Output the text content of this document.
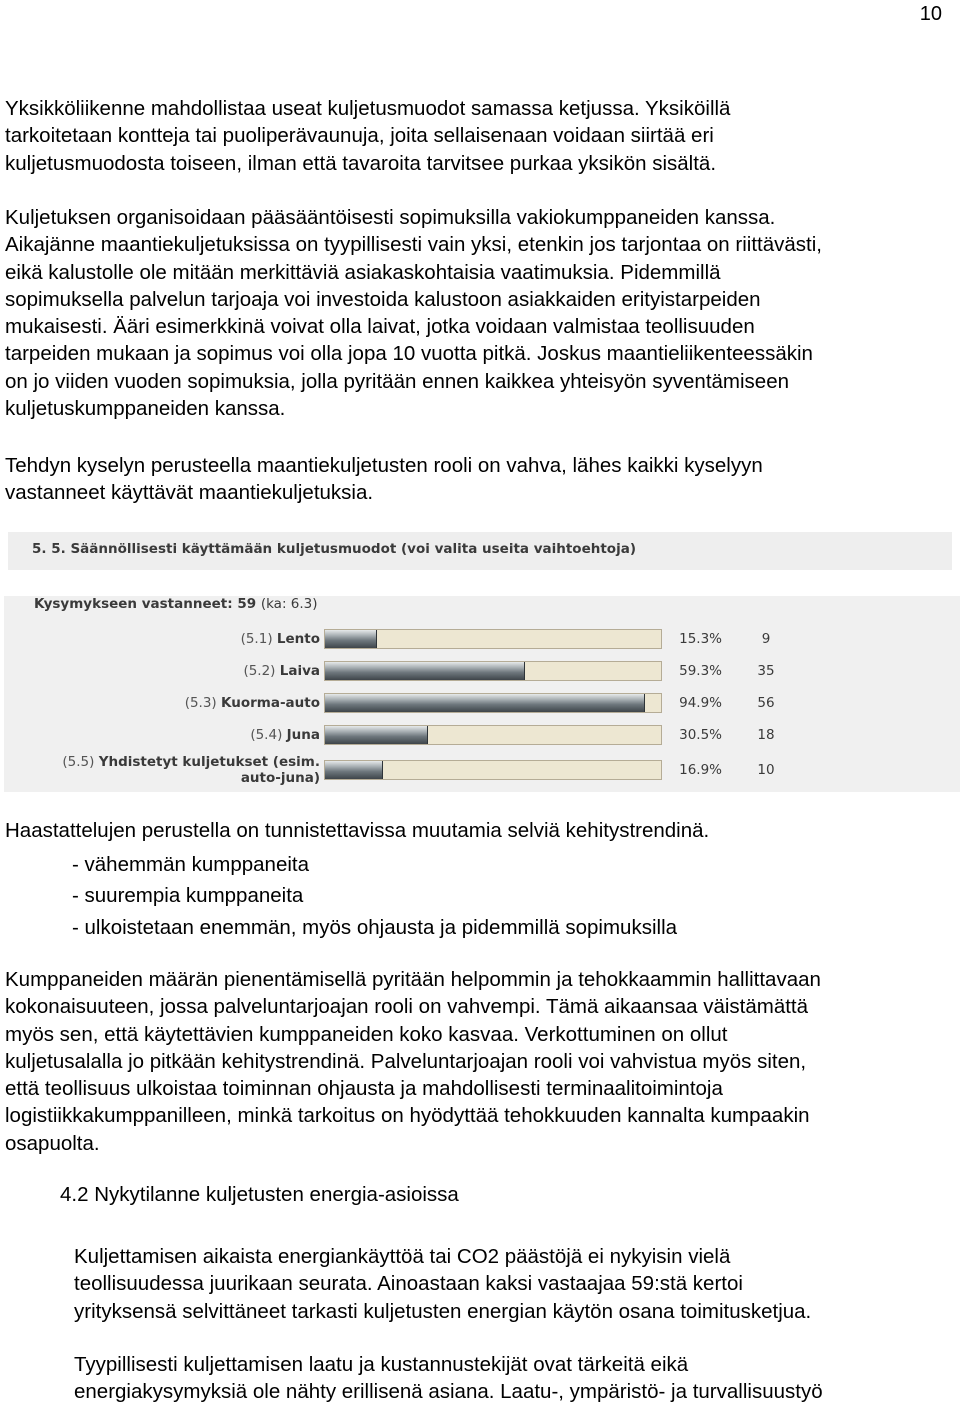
10
Yksikköliikenne mahdollistaa useat kuljetusmuodot samassa ketjussa. Yksiköillä
tarkoitetaan kontteja tai puoliperävaunuja, joita sellaisenaan voidaan siirtää eri
kuljetusmuodosta toiseen, ilman että tavaroita tarvitsee purkaa yksikön sisältä.
Kuljetuksen organisoidaan pääsääntöisesti sopimuksilla vakiokumppaneiden kanssa.
Aikajänne maantiekuljetuksissa on tyypillisesti vain yksi, etenkin jos tarjontaa on riittävästi,
eikä kalustolle ole mitään merkittäviä asiakaskohtaisia vaatimuksia. Pidemmillä
sopimuksella palvelun tarjoaja voi investoida kalustoon asiakkaiden erityistarpeiden
mukaisesti. Ääri esimerkkinä voivat olla laivat, jotka voidaan valmistaa teollisuuden
tarpeiden mukaan ja sopimus voi olla jopa 10 vuotta pitkä. Joskus maantieliikenteessäkin
on jo viiden vuoden sopimuksia, jolla pyritään ennen kaikkea yhteisyön syventämiseen
kuljetuskumppaneiden kanssa.
Tehdyn kyselyn perusteella maantiekuljetusten rooli on vahva, lähes kaikki kyselyyn
vastanneet käyttävät maantiekuljetuksia.
5. 5. Säännöllisesti käyttämään kuljetusmuodot (voi valita useita vaihtoehtoja)
Kysymykseen vastanneet: 59 (ka: 6.3)
(5.1) Lento	15.3%	9
(5.2) Laiva	59.3%	35
(5.3) Kuorma-auto	94.9%	56
(5.4) Juna	30.5%	18
(5.5) Yhdistetyt kuljetukset (esim.
auto-juna)	16.9%	10
Haastattelujen perustella on tunnistettavissa muutamia selviä kehitystrendinä.
- vähemmän kumppaneita
- suurempia kumppaneita
- ulkoistetaan enemmän, myös ohjausta ja pidemmillä sopimuksilla
Kumppaneiden määrän pienentämisellä pyritään helpommin ja tehokkaammin hallittavaan
kokonaisuuteen, jossa palveluntarjoajan rooli on vahvempi. Tämä aikaansaa väistämättä
myös sen, että käytettävien kumppaneiden koko kasvaa. Verkottuminen on ollut
kuljetusalalla jo pitkään kehitystrendinä. Palveluntarjoajan rooli voi vahvistua myös siten,
että teollisuus ulkoistaa toiminnan ohjausta ja mahdollisesti terminaalitoimintoja
logistiikkakumppanilleen, minkä tarkoitus on hyödyttää tehokkuuden kannalta kumpaakin
osapuolta.
4.2 Nykytilanne kuljetusten energia-asioissa
Kuljettamisen aikaista energiankäyttöä tai CO2 päästöjä ei nykyisin vielä
teollisuudessa juurikaan seurata. Ainoastaan kaksi vastaajaa 59:stä kertoi
yrityksensä selvittäneet tarkasti kuljetusten energian käytön osana toimitusketjua.
Tyypillisesti kuljettamisen laatu ja kustannustekijät ovat tärkeitä eikä
energiakysymyksiä ole nähty erillisenä asiana. Laatu-, ympäristö- ja turvallisuustyö
